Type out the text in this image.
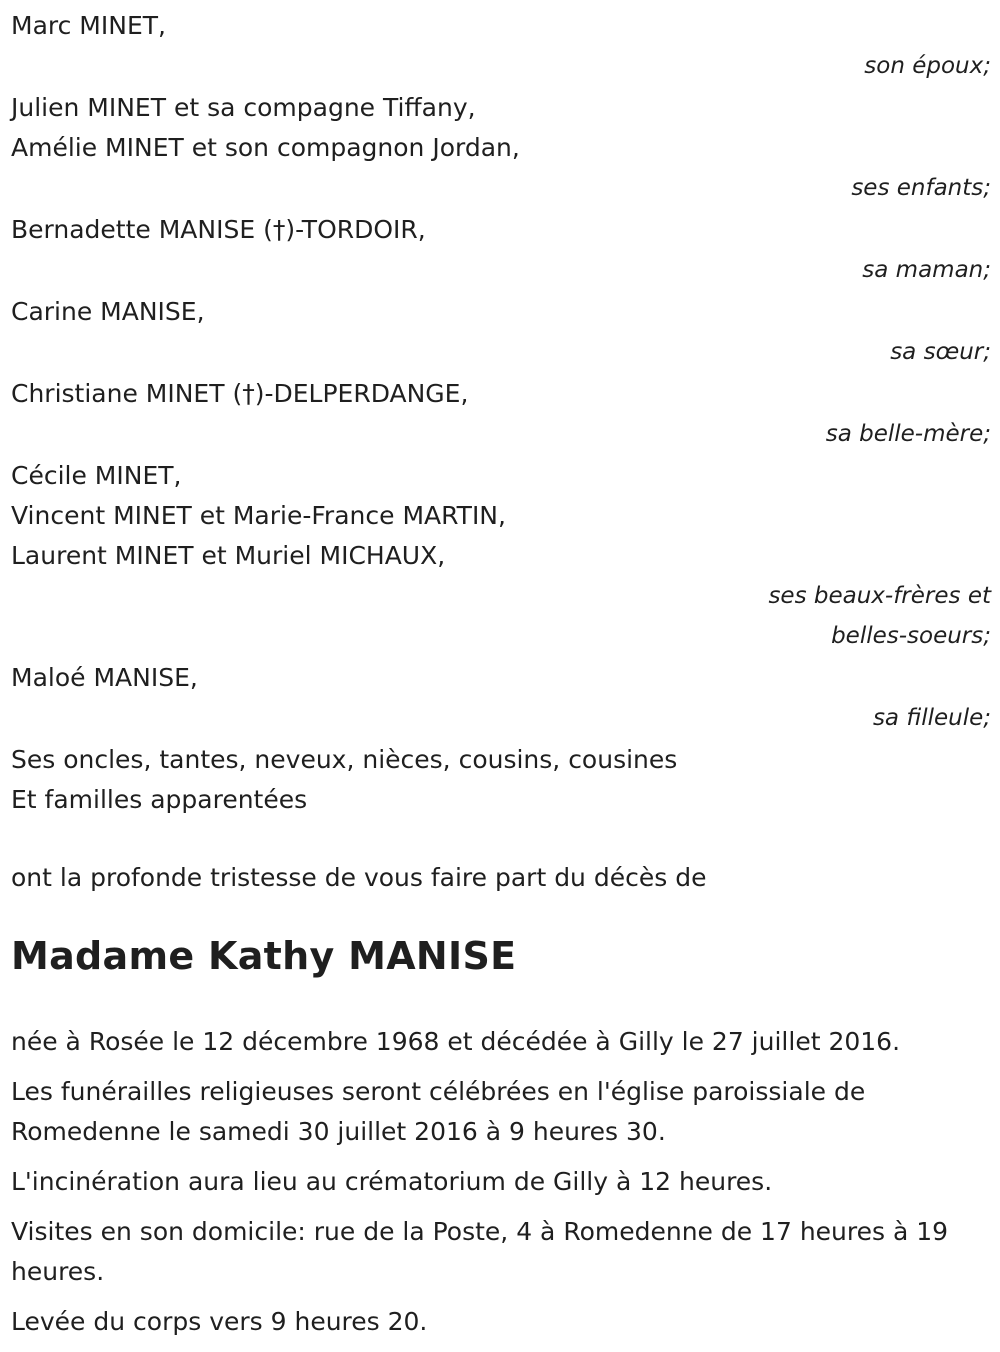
Marc MINET,
son époux;
Julien MINET et sa compagne Tiffany,
Amélie MINET et son compagnon Jordan,
ses enfants;
Bernadette MANISE (†)-TORDOIR,
sa maman;
Carine MANISE,
sa sœur;
Christiane MINET (†)-DELPERDANGE,
sa belle-mère;
Cécile MINET,
Vincent MINET et Marie-France MARTIN,
Laurent MINET et Muriel MICHAUX,
ses beaux-frères et
belles-soeurs;
Maloé MANISE,
sa filleule;
Ses oncles, tantes, neveux, nièces, cousins, cousines
Et familles apparentées
ont la profonde tristesse de vous faire part du décès de
Madame Kathy MANISE

née à Rosée le 12 décembre 1968 et décédée à Gilly le 27 juillet 2016.

Les funérailles religieuses seront célébrées en l'église paroissiale de Romedenne le samedi 30 juillet 2016 à 9 heures 30.

L'incinération aura lieu au crématorium de Gilly à 12 heures.

Visites en son domicile: rue de la Poste, 4 à Romedenne de 17 heures à 19 heures.

Levée du corps vers 9 heures 20.
